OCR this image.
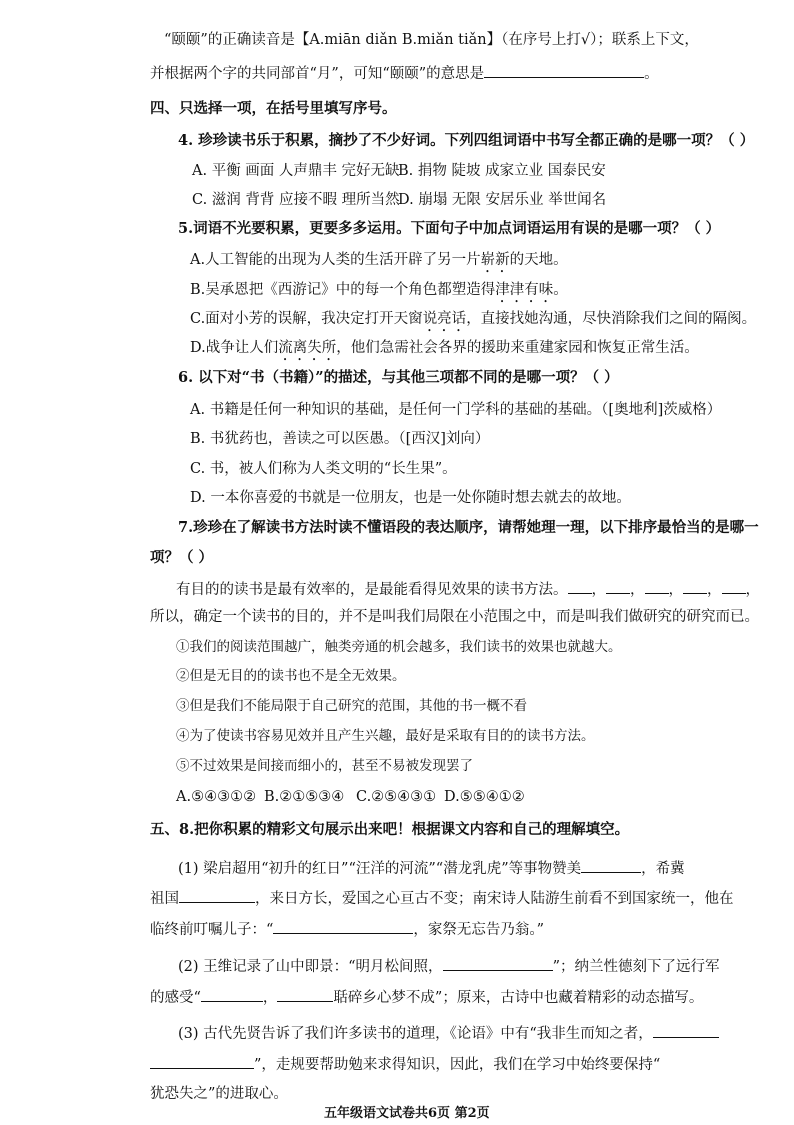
“颐颐”的正确读音是【A.miān diǎn B.miǎn tiǎn】（在序号上打√）；联系上下文，
并根据两个字的共同部首“月”，可知“颐颐”的意思是	。
四、只选择一项，在括号里填写序号。
4. 珍珍读书乐于积累，摘抄了不少好词。下列四组词语中书写全都正确的是哪一项？（ ）
A. 平衡 画面 人声鼎丰 完好无缺
B. 捐物 陡坡 成家立业 国泰民安
C. 滋润 背背 应接不暇 理所当然
D. 崩塌 无限 安居乐业 举世闻名
5.词语不光要积累，更要多多运用。下面句子中加点词语运用有误的是哪一项？（ ）
A.人工智能的出现为人类的生活开辟了另一片崭新的天地。
B.吴承恩把《西游记》中的每一个角色都塑造得津津有味。
C.面对小芳的误解，我决定打开天窗说亮话，直接找她沟通，尽快消除我们之间的隔阂。
D.战争让人们流离失所，他们急需社会各界的援助来重建家园和恢复正常生活。
6. 以下对“书（书籍）”的描述，与其他三项都不同的是哪一项？（ ）
A. 书籍是任何一种知识的基础，是任何一门学科的基础的基础。（[奥地利]茨威格）
B. 书犹药也，善读之可以医愚。（[西汉]刘向）
C. 书，被人们称为人类文明的“长生果”。
D. 一本你喜爱的书就是一位朋友，也是一处你随时想去就去的故地。
7.珍珍在了解读书方法时读不懂语段的表达顺序，请帮她理一理，以下排序最恰当的是哪一
项？（ ）
有目的的读书是最有效率的，是最能看得见效果的读书方法。 ， ， ， ， ，
所以，确定一个读书的目的，并不是叫我们局限在小范围之中，而是叫我们做研究的研究而已。
①我们的阅读范围越广，触类旁通的机会越多，我们读书的效果也就越大。
②但是无目的的读书也不是全无效果。
③但是我们不能局限于自己研究的范围，其他的书一概不看
④为了使读书容易见效并且产生兴趣，最好是采取有目的的读书方法。
⑤不过效果是间接而细小的，甚至不易被发现罢了
A.⑤④③①② B.②①⑤③④ C.②⑤④③① D.⑤⑤④①②
五、8.把你积累的精彩文句展示出来吧！根据课文内容和自己的理解填空。
(1) 梁启超用“初升的红日”“汪洋的河流”“潜龙乳虎”等事物赞美	，希冀
祖国	，来日方长，爱国之心亘古不变；南宋诗人陆游生前看不到国家统一，他在
临终前叮嘱儿子：“	，家祭无忘告乃翁。”
(2) 王维记录了山中即景：“明月松间照，	”；纳兰性德刻下了远行军
的感受“	，	聒碎乡心梦不成”；原来，古诗中也藏着精彩的动态描写。
(3) 古代先贤告诉了我们许多读书的道理，《论语》中有“我非生而知之者，
”，走规要帮助勉来求得知识，因此，我们在学习中始终要保持“
犹恐失之”的进取心。
五年级语文试卷共6页 第2页
